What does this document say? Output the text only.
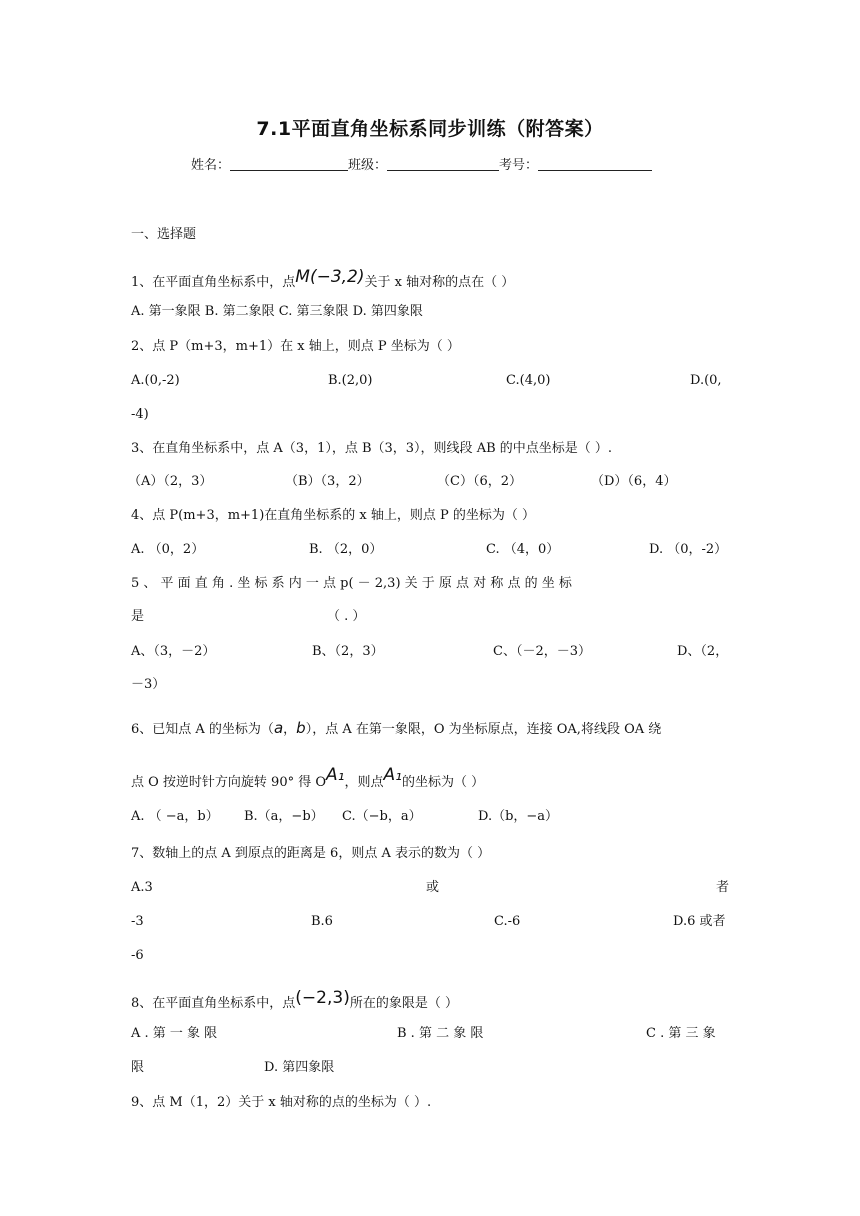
7.1平面直角坐标系同步训练（附答案）
姓名：	班级：	考号：
一、选择题
1、在平面直角坐标系中，点M(−3,2)关于 x 轴对称的点在（ ）
A. 第一象限 B. 第二象限 C. 第三象限 D. 第四象限
2、点 P（m+3，m+1）在 x 轴上，则点 P 坐标为（ ）
A.(0,-2)	B.(2,0)	C.(4,0)	D.(0,
-4)
3、在直角坐标系中，点 A（3，1），点 B（3，3），则线段 AB 的中点坐标是（ ）.
（A）（2，3）	（B）（3，2）	（C）（6，2）	（D）（6，4）
4、点 P(m+3，m+1)在直角坐标系的 x 轴上，则点 P 的坐标为（ ）
A. （0，2）	B. （2，0）	C. （4，0）	D. （0，-2）
5 、 平 面 直 角 . 坐 标 系 内 一 点 p( － 2,3) 关 于 原 点 对 称 点 的 坐 标
是	（ . ）
A、（3，－2）	B、（2，3）	C、（－2，－3）	D、（2，
－3）
6、已知点 A 的坐标为（a，b），点 A 在第一象限，O 为坐标原点，连接 OA,将线段 OA 绕
点 O 按逆时针方向旋转 90° 得 OA₁，则点A₁的坐标为（ ）
A. （ −a，b） B.（a，−b） C.（−b，a）	D.（b，−a）
7、数轴上的点 A 到原点的距离是 6，则点 A 表示的数为（ ）
A.3	或	者
-3	B.6	C.-6	D.6 或者
-6
8、在平面直角坐标系中，点(−2,3)所在的象限是（ ）
A . 第 一 象 限	B . 第 二 象 限	C . 第 三 象
限	D. 第四象限
9、点 M（1，2）关于 x 轴对称的点的坐标为（ ）.
